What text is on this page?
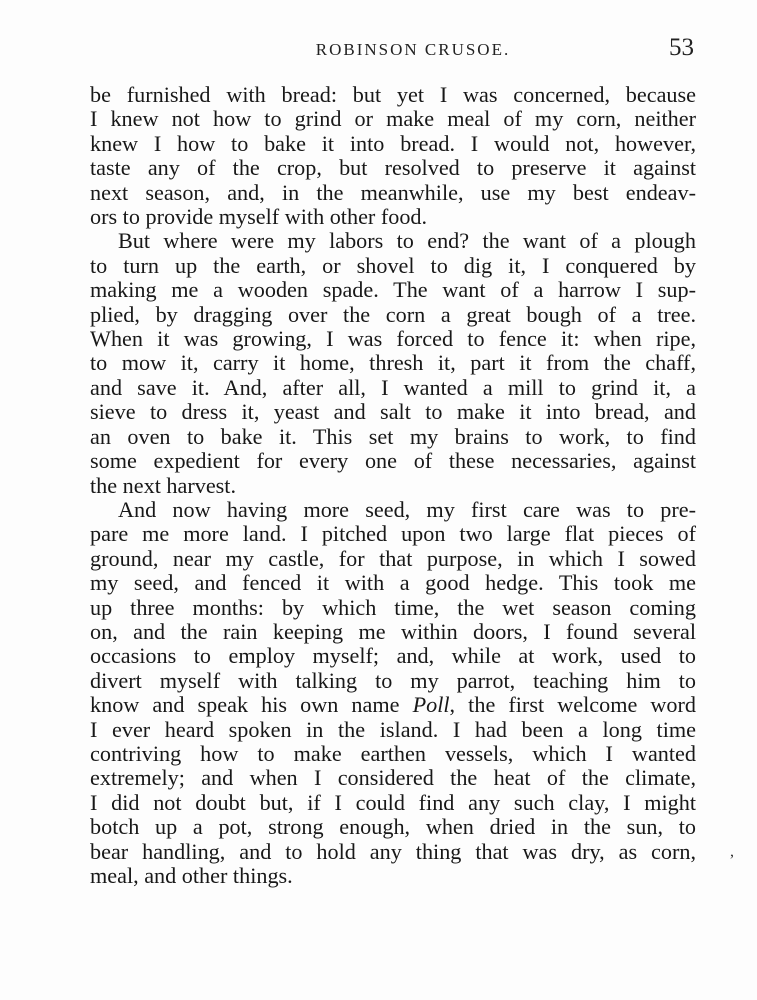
ROBINSON CRUSOE.	53

be furnished with bread: but yet I was concerned, because
I knew not how to grind or make meal of my corn, neither
knew I how to bake it into bread. I would not, however,
taste any of the crop, but resolved to preserve it against
next season, and, in the meanwhile, use my best endeav-
ors to provide myself with other food.

But where were my labors to end? the want of a plough
to turn up the earth, or shovel to dig it, I conquered by
making me a wooden spade. The want of a harrow I sup-
plied, by dragging over the corn a great bough of a tree.
When it was growing, I was forced to fence it: when ripe,
to mow it, carry it home, thresh it, part it from the chaff,
and save it. And, after all, I wanted a mill to grind it, a
sieve to dress it, yeast and salt to make it into bread, and
an oven to bake it. This set my brains to work, to find
some expedient for every one of these necessaries, against
the next harvest.

And now having more seed, my first care was to pre-
pare me more land. I pitched upon two large flat pieces of
ground, near my castle, for that purpose, in which I sowed
my seed, and fenced it with a good hedge. This took me
up three months: by which time, the wet season coming
on, and the rain keeping me within doors, I found several
occasions to employ myself; and, while at work, used to
divert myself with talking to my parrot, teaching him to
know and speak his own name Poll, the first welcome word
I ever heard spoken in the island. I had been a long time
contriving how to make earthen vessels, which I wanted
extremely; and when I considered the heat of the climate,
I did not doubt but, if I could find any such clay, I might
botch up a pot, strong enough, when dried in the sun, to
bear handling, and to hold any thing that was dry, as corn,
meal, and other things.

,
